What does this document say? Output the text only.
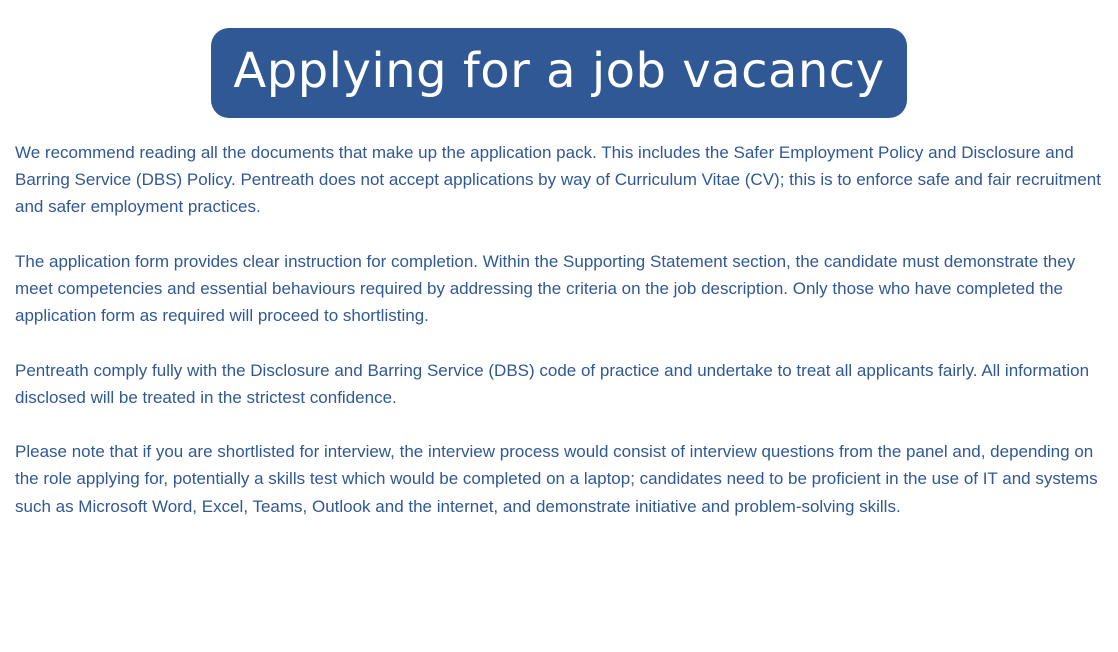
Applying for a job vacancy

We recommend reading all the documents that make up the application pack. This includes the Safer Employment Policy and Disclosure and Barring Service (DBS) Policy. Pentreath does not accept applications by way of Curriculum Vitae (CV); this is to enforce safe and fair recruitment and safer employment practices.

The application form provides clear instruction for completion. Within the Supporting Statement section, the candidate must demonstrate they meet competencies and essential behaviours required by addressing the criteria on the job description. Only those who have completed the application form as required will proceed to shortlisting.

Pentreath comply fully with the Disclosure and Barring Service (DBS) code of practice and undertake to treat all applicants fairly. All information disclosed will be treated in the strictest confidence.

Please note that if you are shortlisted for interview, the interview process would consist of interview questions from the panel and, depending on the role applying for, potentially a skills test which would be completed on a laptop; candidates need to be proficient in the use of IT and systems such as Microsoft Word, Excel, Teams, Outlook and the internet, and demonstrate initiative and problem-solving skills.
